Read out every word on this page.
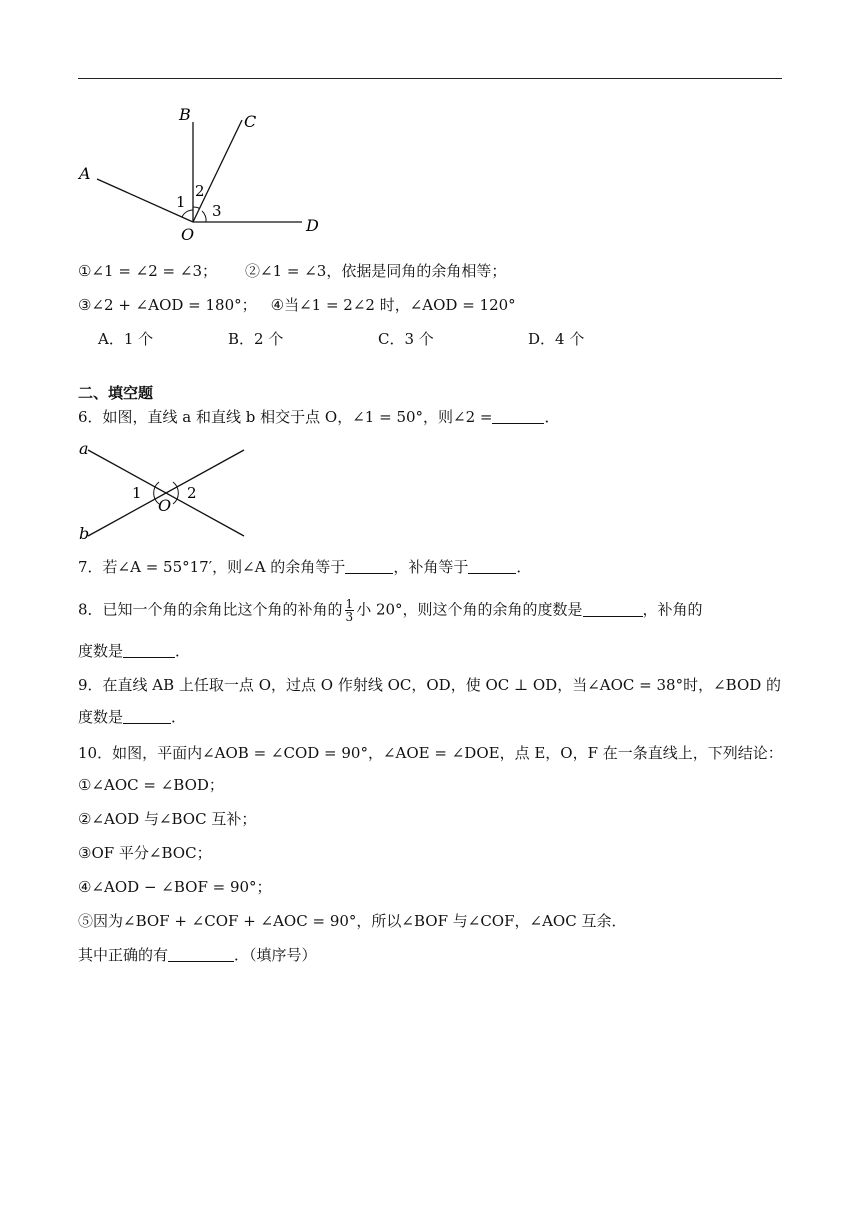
B	C
A
D
O
1
2
3
①∠1 = ∠2 = ∠3； ②∠1 = ∠3，依据是同角的余角相等；
③∠2 + ∠AOD = 180°； ④当∠1 = 2∠2 时，∠AOD = 120°
A．1 个	B．2 个	C．3 个	D．4 个
二、填空题
6．如图，直线 a 和直线 b 相交于点 O，∠1 = 50°，则∠2 =	．
a
b
1	2
O
7．若∠A = 55°17′，则∠A 的余角等于	，补角等于	．
8．已知一个角的余角比这个角的补角的 $\frac{1}{3}$ 小 20°，则这个角的余角的度数是	，补角的
度数是	．
9．在直线 AB 上任取一点 O，过点 O 作射线 OC，OD，使 OC ⊥ OD，当∠AOC = 38°时，∠BOD 的
度数是	．
10．如图，平面内∠AOB = ∠COD = 90°，∠AOE = ∠DOE，点 E，O，F 在一条直线上，下列结论：
①∠AOC = ∠BOD；
②∠AOD 与∠BOC 互补；
③OF 平分∠BOC；
④∠AOD − ∠BOF = 90°；
⑤因为∠BOF + ∠COF + ∠AOC = 90°，所以∠BOF 与∠COF，∠AOC 互余．
其中正确的有	．（填序号）
